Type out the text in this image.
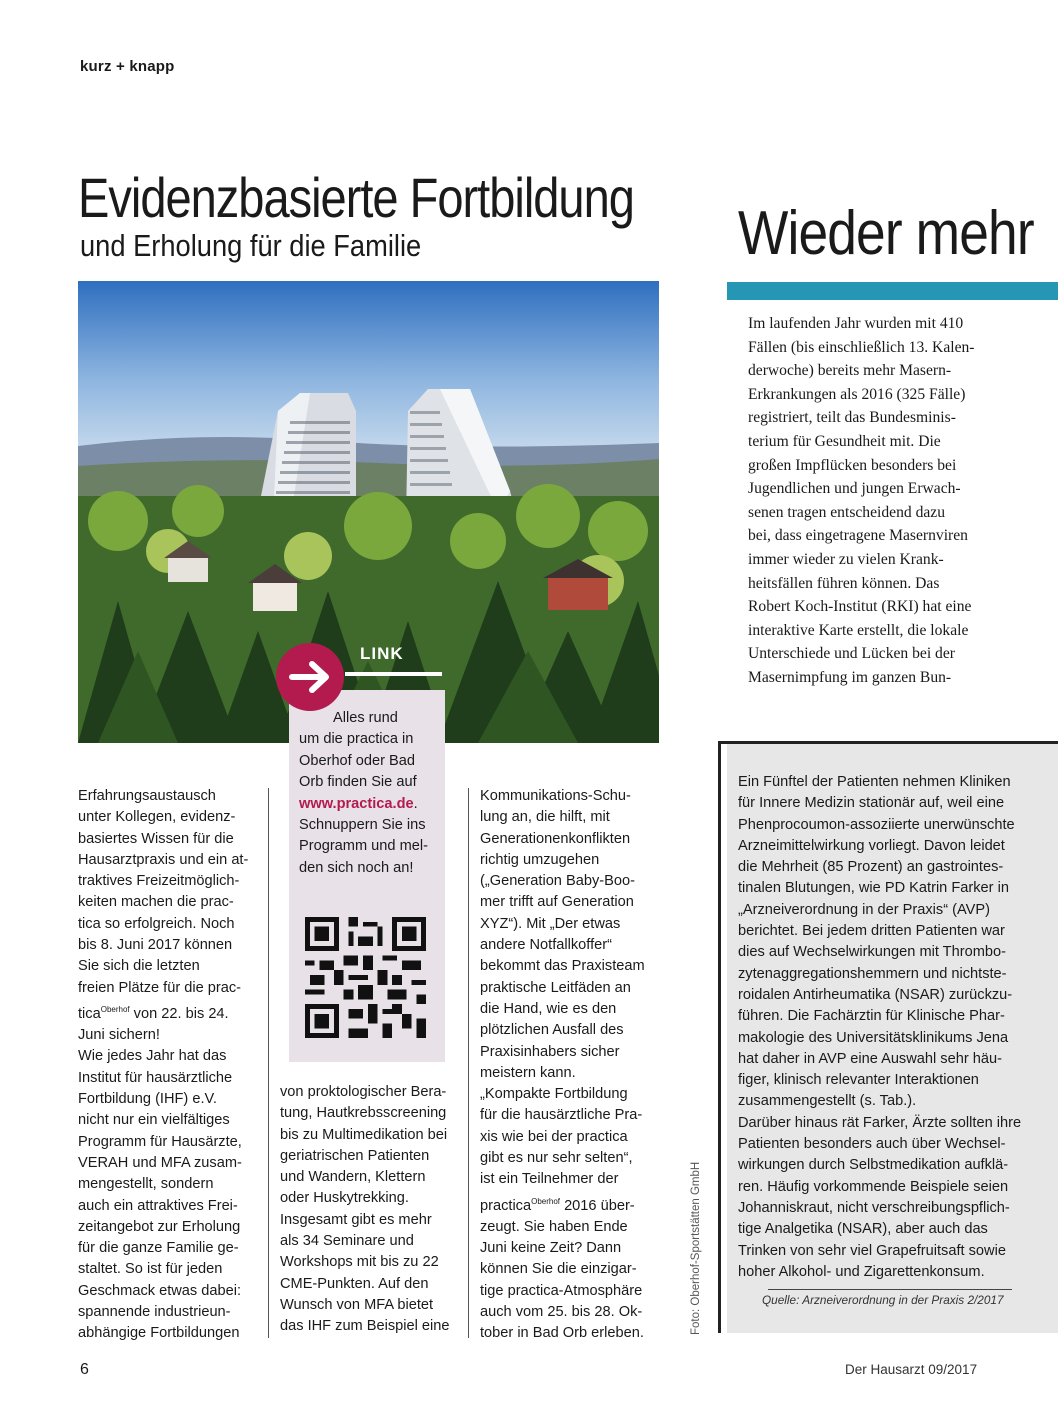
kurz + knapp
Evidenzbasierte Fortbildung
und Erholung für die Familie	Wieder mehr

Im laufenden Jahr wurden mit 410

Fällen (bis einschließlich 13. Kalen-

derwoche) bereits mehr Masern-

Erkrankungen als 2016 (325 Fälle)

registriert, teilt das Bundesminis-

terium für Gesundheit mit. Die

großen Impflücken besonders bei

Jugendlichen und jungen Erwach-

senen tragen entscheidend dazu

bei, dass eingetragene Masernviren

immer wieder zu vielen Krank-

heitsfällen führen können. Das

Robert Koch-Institut (RKI) hat eine

interaktive Karte erstellt, die lokale

Unterschiede und Lücken bei der

Masernimpfung im ganzen Bun-

LINK

Alles rund

um die practica in

Oberhof oder Bad

Orb finden Sie auf

www.practica.de.

Schnuppern Sie ins

Programm und mel-

den sich noch an!

Erfahrungsaustausch

unter Kollegen, evidenz-

basiertes Wissen für die

Hausarztpraxis und ein at-

traktives Freizeitmöglich-

keiten machen die prac-

tica so erfolgreich. Noch

bis 8. Juni 2017 können

Sie sich die letzten

freien Plätze für die prac-

tica$^{Oberhof}$ von 22. bis 24.

Juni sichern!

Wie jedes Jahr hat das

Institut für hausärztliche

Fortbildung (IHF) e.V.

nicht nur ein vielfältiges

Programm für Hausärzte,

VERAH und MFA zusam-

mengestellt, sondern

auch ein attraktives Frei-

zeitangebot zur Erholung

für die ganze Familie ge-

staltet. So ist für jeden

Geschmack etwas dabei:

spannende industrieun-

abhängige Fortbildungen

von proktologischer Bera-

tung, Hautkrebsscreening

bis zu Multimedikation bei

geriatrischen Patienten

und Wandern, Klettern

oder Huskytrekking.

Insgesamt gibt es mehr

als 34 Seminare und

Workshops mit bis zu 22

CME-Punkten. Auf den

Wunsch von MFA bietet

das IHF zum Beispiel eine

Kommunikations-Schu-

lung an, die hilft, mit

Generationenkonflikten

richtig umzugehen

(„Generation Baby-Boo-

mer trifft auf Generation

XYZ“). Mit „Der etwas

andere Notfallkoffer“

bekommt das Praxisteam

praktische Leitfäden an

die Hand, wie es den

plötzlichen Ausfall des

Praxisinhabers sicher

meistern kann.

„Kompakte Fortbildung

für die hausärztliche Pra-

xis wie bei der practica

gibt es nur sehr selten“,

ist ein Teilnehmer der

practica$^{Oberhof}$ 2016 über-

zeugt. Sie haben Ende

Juni keine Zeit? Dann

können Sie die einzigar-

tige practica-Atmosphäre

auch vom 25. bis 28. Ok-

tober in Bad Orb erleben.	Foto: Oberhof-Sportstätten GmbH

Ein Fünftel der Patienten nehmen Kliniken

für Innere Medizin stationär auf, weil eine

Phenprocoumon-assoziierte unerwünschte

Arzneimittelwirkung vorliegt. Davon leidet

die Mehrheit (85 Prozent) an gastrointes-

tinalen Blutungen, wie PD Katrin Farker in

„Arzneiverordnung in der Praxis“ (AVP)

berichtet. Bei jedem dritten Patienten war

dies auf Wechselwirkungen mit Thrombo-

zytenaggregationshemmern und nichtste-

roidalen Antirheumatika (NSAR) zurückzu-

führen. Die Fachärztin für Klinische Phar-

makologie des Universitätsklinikums Jena

hat daher in AVP eine Auswahl sehr häu-

figer, klinisch relevanter Interaktionen

zusammengestellt (s. Tab.).

Darüber hinaus rät Farker, Ärzte sollten ihre

Patienten besonders auch über Wechsel-

wirkungen durch Selbstmedikation aufklä-

ren. Häufig vorkommende Beispiele seien

Johanniskraut, nicht verschreibungspflich-

tige Analgetika (NSAR), aber auch das

Trinken von sehr viel Grapefruitsaft sowie

hoher Alkohol- und Zigarettenkonsum.

Quelle: Arzneiverordnung in der Praxis 2/2017
6	Der Hausarzt 09/2017
